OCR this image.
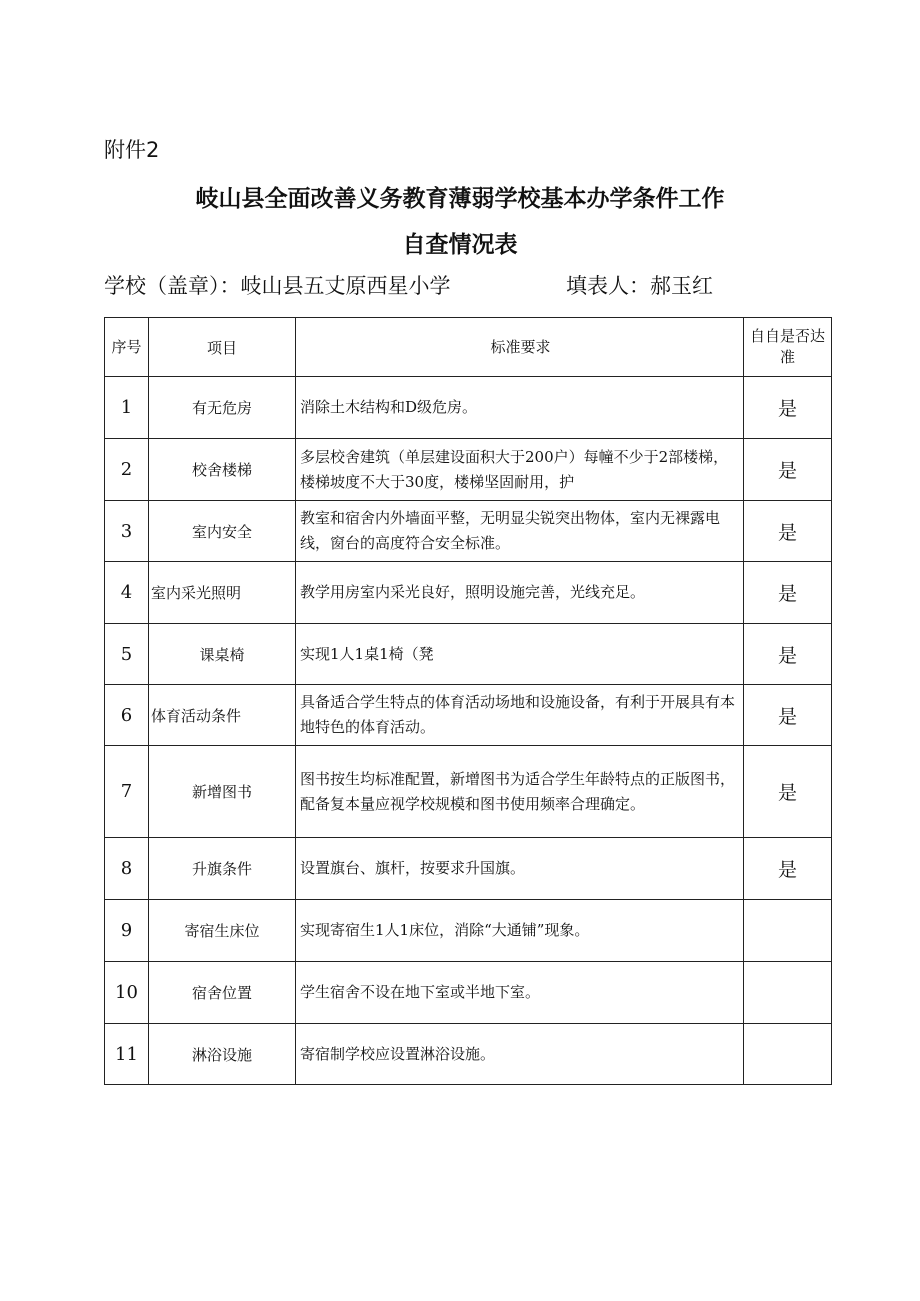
附件2
岐山县全面改善义务教育薄弱学校基本办学条件工作
自查情况表
学校（盖章）：岐山县五丈原西星小学	填表人：郝玉红
序号	项目	标准要求	自自是否达准
1	有无危房	消除土木结构和D级危房。	是
2	校舍楼梯	多层校舍建筑（单层建设面积大于200户）每幢不少于2部楼梯，楼梯坡度不大于30度，楼梯坚固耐用，护	是
3	室内安全	教室和宿舍内外墙面平整，无明显尖锐突出物体，室内无裸露电线，窗台的高度符合安全标准。	是
4	室内采光照明	教学用房室内采光良好，照明设施完善，光线充足。	是
5	课桌椅	实现1人1桌1椅（凳	是
6	体育活动条件	具备适合学生特点的体育活动场地和设施设备，有利于开展具有本地特色的体育活动。	是
7	新增图书	图书按生均标准配置，新增图书为适合学生年龄特点的正版图书，配备复本量应视学校规模和图书使用频率合理确定。	是
8	升旗条件	设置旗台、旗杆，按要求升国旗。	是
9	寄宿生床位	实现寄宿生1人1床位，消除“大通铺”现象。	
10	宿舍位置	学生宿舍不设在地下室或半地下室。	
11	淋浴设施	寄宿制学校应设置淋浴设施。	
